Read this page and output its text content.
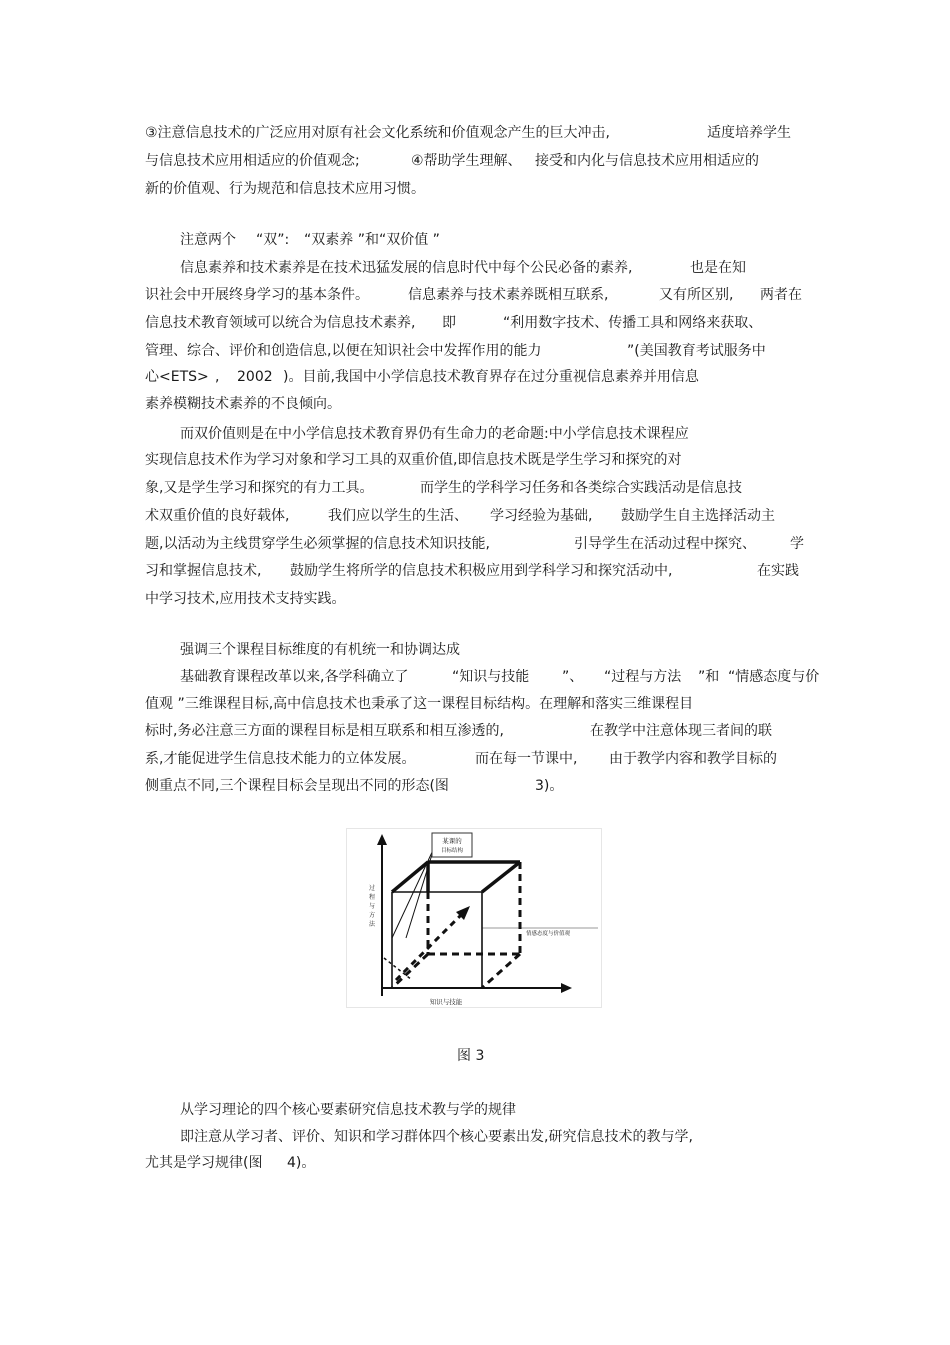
③注意信息技术的广泛应用对原有社会文化系统和价值观念产生的巨大冲击,	适度培养学生
与信息技术应用相适应的价值观念;	④帮助学生理解、 接受和内化与信息技术应用相适应的
新的价值观、行为规范和信息技术应用习惯。
注意两个 “双”: “双素养 ”和“双价值 ”
信息素养和技术素养是在技术迅猛发展的信息时代中每个公民必备的素养,	也是在知
识社会中开展终身学习的基本条件。	信息素养与技术素养既相互联系,	又有所区别, 两者在
信息技术教育领域可以统合为信息技术素养, 即	“利用数字技术、传播工具和网络来获取、
管理、综合、评价和创造信息,以便在知识社会中发挥作用的能力	”(美国教育考试服务中
心<ETS> , 2002 )。目前,我国中小学信息技术教育界存在过分重视信息素养并用信息
素养模糊技术素养的不良倾向。
而双价值则是在中小学信息技术教育界仍有生命力的老命题:中小学信息技术课程应
实现信息技术作为学习对象和学习工具的双重价值,即信息技术既是学生学习和探究的对
象,又是学生学习和探究的有力工具。	而学生的学科学习任务和各类综合实践活动是信息技
术双重价值的良好载体,	我们应以学生的生活、 学习经验为基础, 鼓励学生自主选择活动主
题,以活动为主线贯穿学生必须掌握的信息技术知识技能,	引导学生在活动过程中探究、 学
习和掌握信息技术, 鼓励学生将所学的信息技术积极应用到学科学习和探究活动中,	在实践
中学习技术,应用技术支持实践。
强调三个课程目标维度的有机统一和协调达成
基础教育课程改革以来,各学科确立了	“知识与技能 ”、 “过程与方法 ”和 “情感态度与价
值观 ”三维课程目标,高中信息技术也秉承了这一课程目标结构。在理解和落实三维课程目
标时,务必注意三方面的课程目标是相互联系和相互渗透的,	在教学中注意体现三者间的联
系,才能促进学生信息技术能力的立体发展。	而在每一节课中, 由于教学内容和教学目标的
侧重点不同,三个课程目标会呈现出不同的形态(图	3)。
某课的
目标结构
过
程
与
方
法
知识与技能
情感态度与价值观
图 3
从学习理论的四个核心要素研究信息技术教与学的规律
即注意从学习者、评价、知识和学习群体四个核心要素出发,研究信息技术的教与学,
尤其是学习规律(图 4)。
